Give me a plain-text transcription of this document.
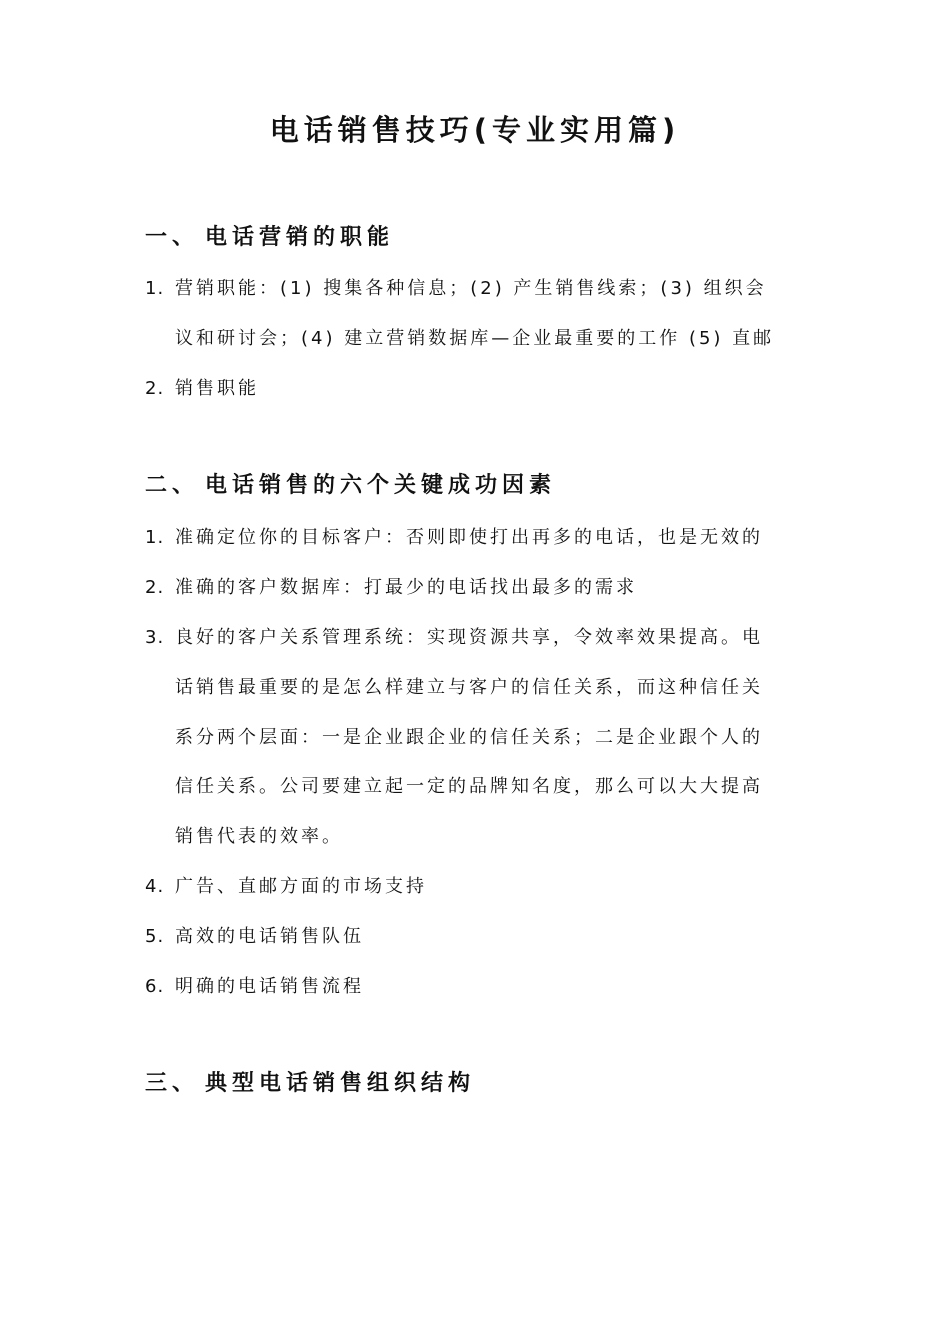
电话销售技巧(专业实用篇)
一、 电话营销的职能
1. 营销职能：(1) 搜集各种信息；(2) 产生销售线索；(3) 组织会
议和研讨会；(4) 建立营销数据库—企业最重要的工作 (5) 直邮
2. 销售职能
二、 电话销售的六个关键成功因素
1. 准确定位你的目标客户：否则即使打出再多的电话，也是无效的
2. 准确的客户数据库：打最少的电话找出最多的需求
3. 良好的客户关系管理系统：实现资源共享，令效率效果提高。电
话销售最重要的是怎么样建立与客户的信任关系，而这种信任关
系分两个层面：一是企业跟企业的信任关系；二是企业跟个人的
信任关系。公司要建立起一定的品牌知名度，那么可以大大提高
销售代表的效率。
4. 广告、直邮方面的市场支持
5. 高效的电话销售队伍
6. 明确的电话销售流程
三、 典型电话销售组织结构
